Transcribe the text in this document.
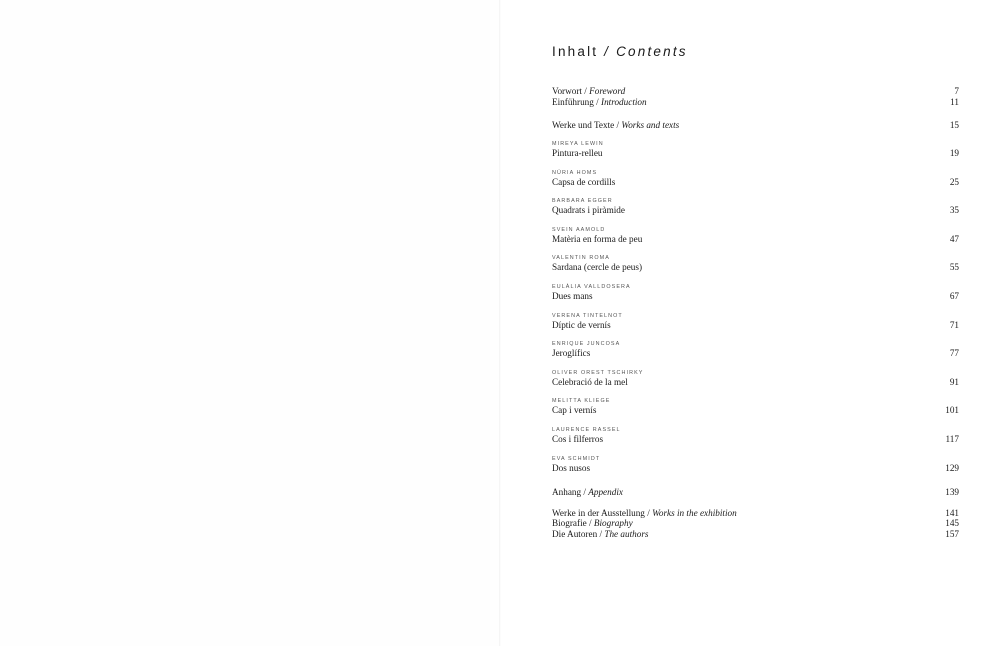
Inhalt / Contents
Vorwort / Foreword	7
Einführung / Introduction	11
Werke und Texte / Works and texts	15
MIREYA LEWIN
Pintura-relleu	19
NÚRIA HOMS
Capsa de cordills	25
BARBARA EGGER
Quadrats i piràmide	35
SVEIN AAMOLD
Matèria en forma de peu	47
VALENTIN ROMA
Sardana (cercle de peus)	55
EULÀLIA VALLDOSERA
Dues mans	67
VERENA TINTELNOT
Díptic de vernís	71
ENRIQUE JUNCOSA
Jeroglífics	77
OLIVER OREST TSCHIRKY
Celebració de la mel	91
MELITTA KLIEGE
Cap i vernís	101
LAURENCE RASSEL
Cos i filferros	117
EVA SCHMIDT
Dos nusos	129
Anhang / Appendix	139
Werke in der Ausstellung / Works in the exhibition	141
Biografie / Biography	145
Die Autoren / The authors	157
